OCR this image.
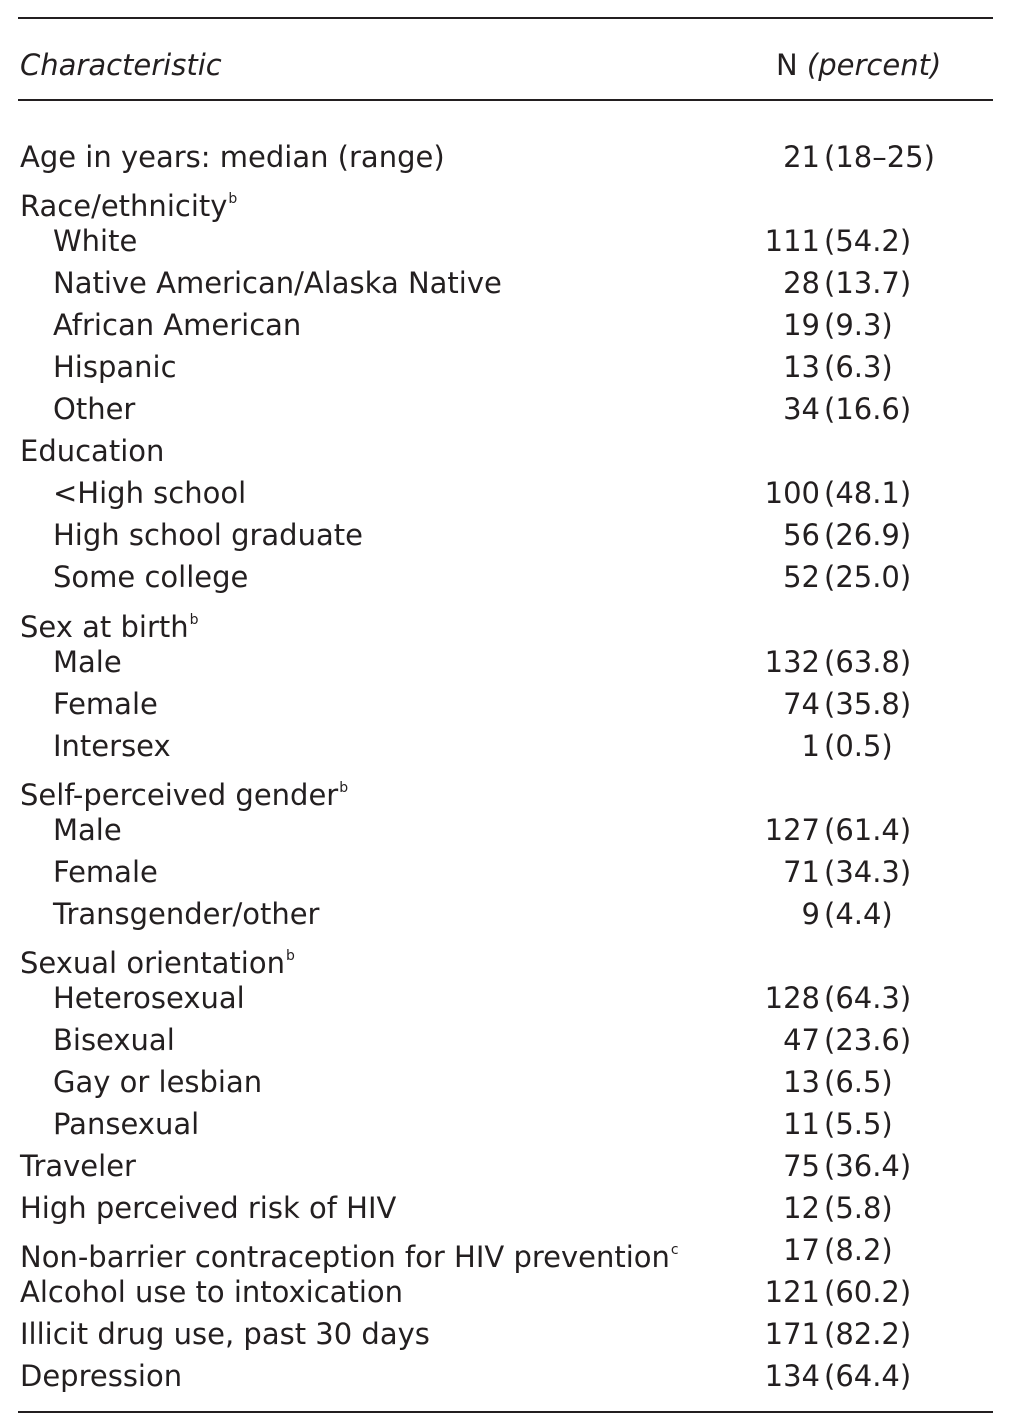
Characteristic	N (percent)
Age in years: median (range)	21 (18–25)
Race/ethnicity$^b$
White	111 (54.2)
Native American/Alaska Native	28 (13.7)
African American	19 (9.3)
Hispanic	13 (6.3)
Other	34 (16.6)
Education
<High school	100 (48.1)
High school graduate	56 (26.9)
Some college	52 (25.0)
Sex at birth$^b$
Male	132 (63.8)
Female	74 (35.8)
Intersex	1 (0.5)
Self-perceived gender$^b$
Male	127 (61.4)
Female	71 (34.3)
Transgender/other	9 (4.4)
Sexual orientation$^b$
Heterosexual	128 (64.3)
Bisexual	47 (23.6)
Gay or lesbian	13 (6.5)
Pansexual	11 (5.5)
Traveler	75 (36.4)
High perceived risk of HIV	12 (5.8)
Non-barrier contraception for HIV prevention$^c$	17 (8.2)
Alcohol use to intoxication	121 (60.2)
Illicit drug use, past 30 days	171 (82.2)
Depression	134 (64.4)
